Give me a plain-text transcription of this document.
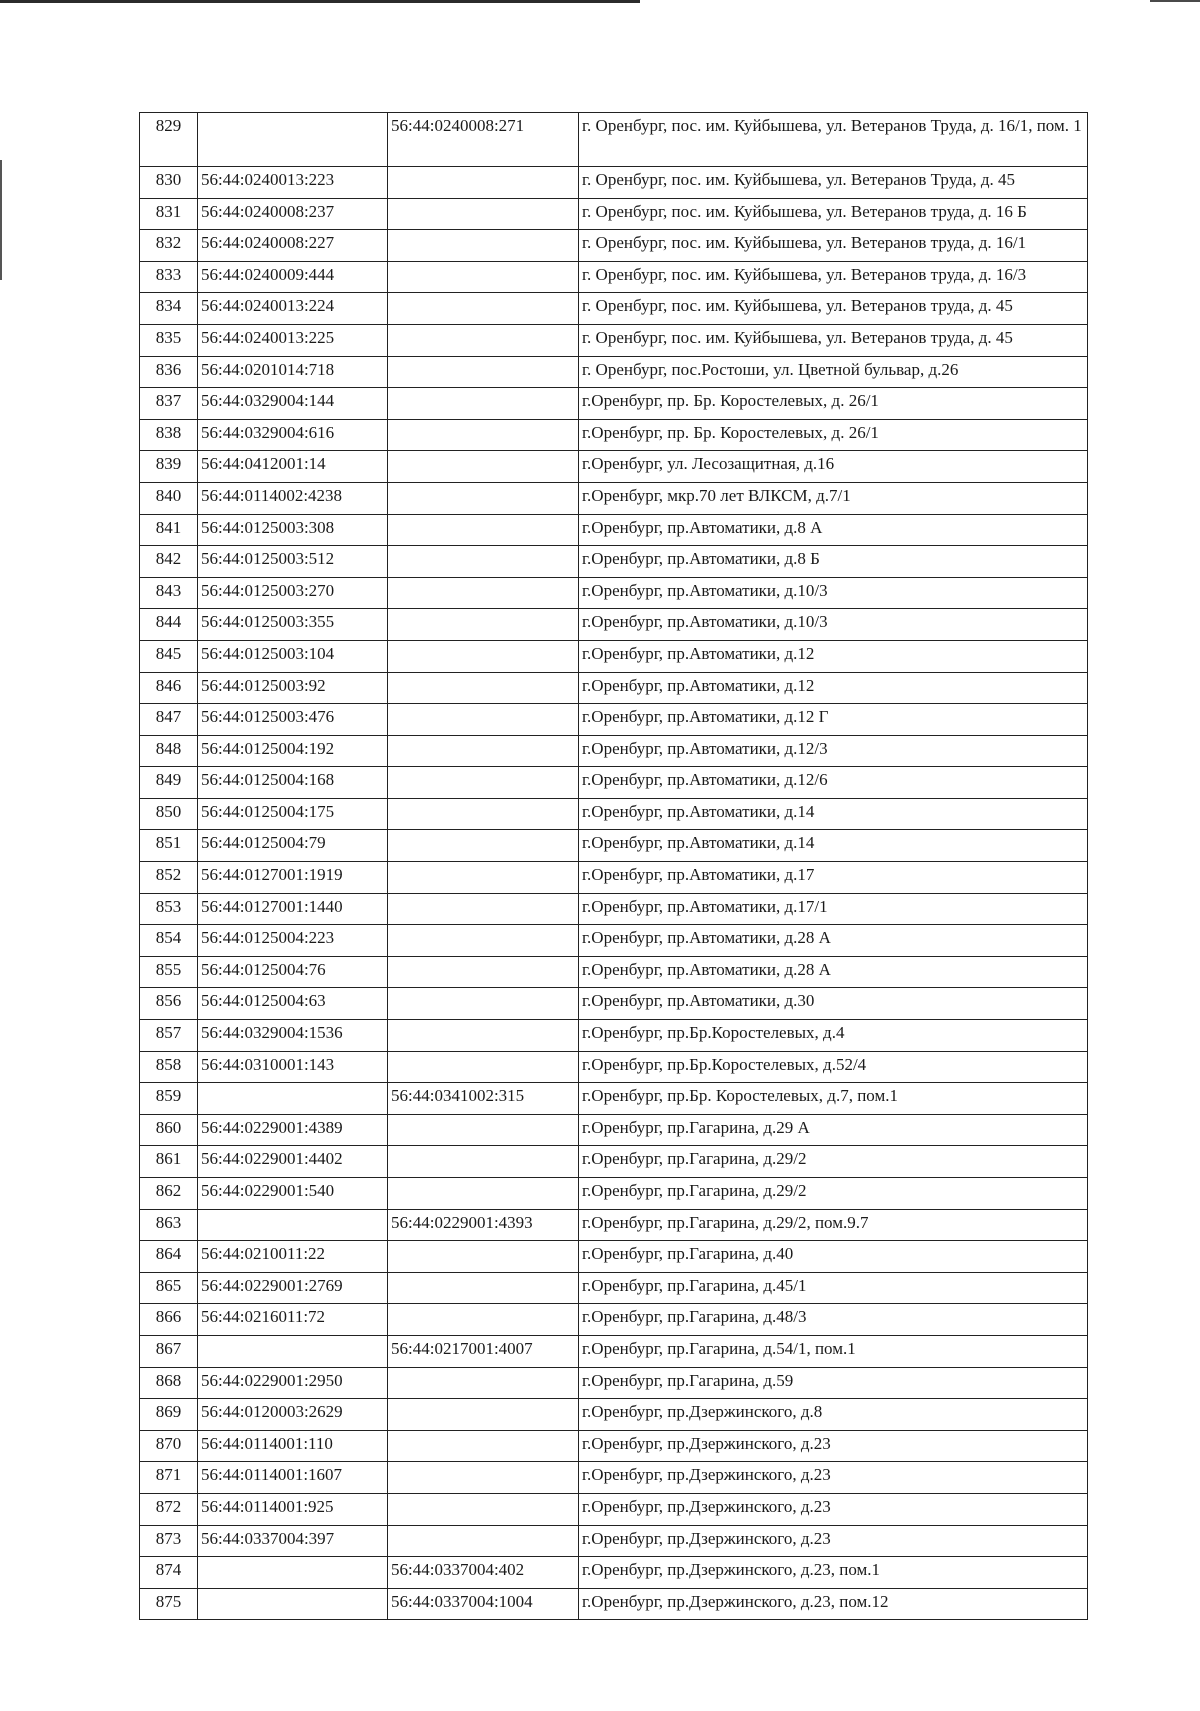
829		56:44:0240008:271	г. Оренбург, пос. им. Куйбышева, ул. Ветеранов Труда, д. 16/1, пом. 1
830	56:44:0240013:223		г. Оренбург, пос. им. Куйбышева, ул. Ветеранов Труда, д. 45
831	56:44:0240008:237		г. Оренбург, пос. им. Куйбышева, ул. Ветеранов труда, д. 16 Б
832	56:44:0240008:227		г. Оренбург, пос. им. Куйбышева, ул. Ветеранов труда, д. 16/1
833	56:44:0240009:444		г. Оренбург, пос. им. Куйбышева, ул. Ветеранов труда, д. 16/3
834	56:44:0240013:224		г. Оренбург, пос. им. Куйбышева, ул. Ветеранов труда, д. 45
835	56:44:0240013:225		г. Оренбург, пос. им. Куйбышева, ул. Ветеранов труда, д. 45
836	56:44:0201014:718		г. Оренбург, пос.Ростоши, ул. Цветной бульвар, д.26
837	56:44:0329004:144		г.Оренбург, пр. Бр. Коростелевых, д. 26/1
838	56:44:0329004:616		г.Оренбург, пр. Бр. Коростелевых, д. 26/1
839	56:44:0412001:14		г.Оренбург, ул. Лесозащитная, д.16
840	56:44:0114002:4238		г.Оренбург, мкр.70 лет ВЛКСМ, д.7/1
841	56:44:0125003:308		г.Оренбург, пр.Автоматики, д.8 А
842	56:44:0125003:512		г.Оренбург, пр.Автоматики, д.8 Б
843	56:44:0125003:270		г.Оренбург, пр.Автоматики, д.10/3
844	56:44:0125003:355		г.Оренбург, пр.Автоматики, д.10/3
845	56:44:0125003:104		г.Оренбург, пр.Автоматики, д.12
846	56:44:0125003:92		г.Оренбург, пр.Автоматики, д.12
847	56:44:0125003:476		г.Оренбург, пр.Автоматики, д.12 Г
848	56:44:0125004:192		г.Оренбург, пр.Автоматики, д.12/3
849	56:44:0125004:168		г.Оренбург, пр.Автоматики, д.12/6
850	56:44:0125004:175		г.Оренбург, пр.Автоматики, д.14
851	56:44:0125004:79		г.Оренбург, пр.Автоматики, д.14
852	56:44:0127001:1919		г.Оренбург, пр.Автоматики, д.17
853	56:44:0127001:1440		г.Оренбург, пр.Автоматики, д.17/1
854	56:44:0125004:223		г.Оренбург, пр.Автоматики, д.28 А
855	56:44:0125004:76		г.Оренбург, пр.Автоматики, д.28 А
856	56:44:0125004:63		г.Оренбург, пр.Автоматики, д.30
857	56:44:0329004:1536		г.Оренбург, пр.Бр.Коростелевых, д.4
858	56:44:0310001:143		г.Оренбург, пр.Бр.Коростелевых, д.52/4
859		56:44:0341002:315	г.Оренбург, пр.Бр. Коростелевых, д.7, пом.1
860	56:44:0229001:4389		г.Оренбург, пр.Гагарина, д.29 А
861	56:44:0229001:4402		г.Оренбург, пр.Гагарина, д.29/2
862	56:44:0229001:540		г.Оренбург, пр.Гагарина, д.29/2
863		56:44:0229001:4393	г.Оренбург, пр.Гагарина, д.29/2, пом.9.7
864	56:44:0210011:22		г.Оренбург, пр.Гагарина, д.40
865	56:44:0229001:2769		г.Оренбург, пр.Гагарина, д.45/1
866	56:44:0216011:72		г.Оренбург, пр.Гагарина, д.48/3
867		56:44:0217001:4007	г.Оренбург, пр.Гагарина, д.54/1, пом.1
868	56:44:0229001:2950		г.Оренбург, пр.Гагарина, д.59
869	56:44:0120003:2629		г.Оренбург, пр.Дзержинского, д.8
870	56:44:0114001:110		г.Оренбург, пр.Дзержинского, д.23
871	56:44:0114001:1607		г.Оренбург, пр.Дзержинского, д.23
872	56:44:0114001:925		г.Оренбург, пр.Дзержинского, д.23
873	56:44:0337004:397		г.Оренбург, пр.Дзержинского, д.23
874		56:44:0337004:402	г.Оренбург, пр.Дзержинского, д.23, пом.1
875		56:44:0337004:1004	г.Оренбург, пр.Дзержинского, д.23, пом.12
